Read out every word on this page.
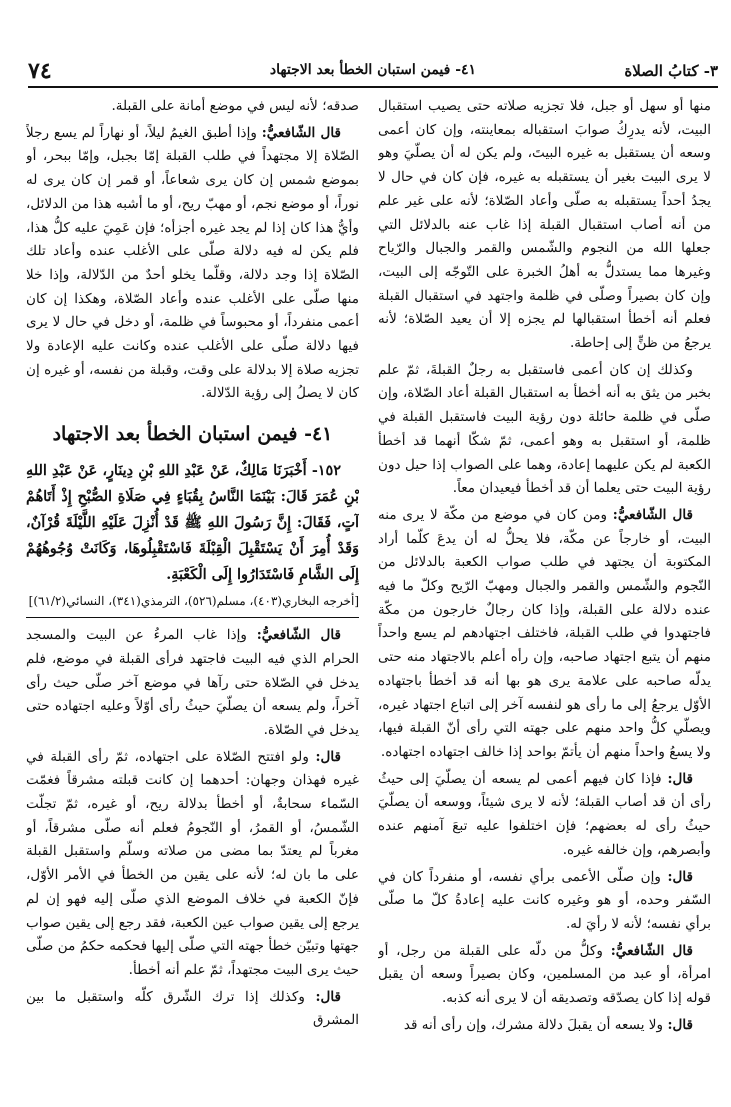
٣- كتابُ الصلاة
٤١- فيمن استبان الخطأ بعد الاجتهاد
٧٤

منها أو سهل أو جبل، فلا تجزيه صلاته حتى يصيب استقبال البيت، لأنه يدرِكُ صوابَ استقباله بمعاينته، وإن كان أعمى وسعه أن يستقبل به غيره البيتَ، ولم يكن له أن يصلّيَ وهو لا يرى البيت بغير أن يستقبله به غيره، فإن كان في حال لا يجدُ أحداً يستقبله به صلّى وأعاد الصّلاة؛ لأنه على غير علم من أنه أصاب استقبال القبلة إذا غاب عنه بالدلائل التي جعلها الله من النجوم والشّمس والقمر والجبال والرّياح وغيرها مما يستدلُّ به أهلُ الخبرة على التّوجّه إلى البيت، وإن كان بصيراً وصلّى في ظلمة واجتهد في استقبال القبلة فعلم أنه أخطأ استقبالها لم يجزه إلا أن يعيد الصّلاة؛ لأنه يرجعُ من ظنٍّ إلى إحاطة.

وكذلك إن كان أعمى فاستقبل به رجلٌ القبلةَ، ثمّ علم بخبر من يثق به أنه أخطأ به استقبال القبلة أعاد الصّلاة، وإن صلّى في ظلمة حائلة دون رؤية البيت فاستقبل القبلة في ظلمة، أو استقبل به وهو أعمى، ثمّ شكّا أنهما قد أخطأ الكعبة لم يكن عليهما إعادة، وهما على الصواب إذا حيل دون رؤية البيت حتى يعلما أن قد أخطأ فيعيدان معاً.

قال الشّافعيُّ: ومن كان في موضع من مكّة لا يرى منه البيت، أو خارجاً عن مكّة، فلا يحلُّ له أن يدعَ كلّما أراد المكتوبة أن يجتهد في طلب صواب الكعبة بالدلائل من النّجوم والشّمس والقمر والجبال ومهبّ الرّيح وكلّ ما فيه عنده دلالة على القبلة، وإذا كان رجالٌ خارجون من مكّة فاجتهدوا في طلب القبلة، فاختلف اجتهادهم لم يسع واحداً منهم أن يتبع اجتهاد صاحبه، وإن رأه أعلم بالاجتهاد منه حتى يدلّه صاحبه على علامة يرى هو بها أنه قد أخطأ باجتهاده الأوّل يرجعُ إلى ما رأى هو لنفسه آخر إلى اتباع اجتهاد غيره، ويصلّي كلُّ واحد منهم على جهته التي رأى أنّ القبلة فيها، ولا يسعُ واحداً منهم أن يأتمّ بواحد إذا خالف اجتهاده اجتهاده.

قال: فإذا كان فيهم أعمى لم يسعه أن يصلّيَ إلى حيثُ رأى أن قد أصاب القبلة؛ لأنه لا يرى شيئاً، ووسعه أن يصلّيَ حيثُ رأى له بعضهم؛ فإن اختلفوا عليه تبعَ آمنهم عنده وأبصرهم، وإن خالفه غيره.

قال: وإن صلّى الأعمى برأي نفسه، أو منفرداً كان في السّفر وحده، أو هو وغيره كانت عليه إعادةُ كلّ ما صلّى برأي نفسه؛ لأنه لا رأيَ له.

قال الشّافعيُّ: وكلُّ من دلّه على القبلة من رجل، أو امرأة، أو عبد من المسلمين، وكان بصيراً وسعه أن يقبل قوله إذا كان يصدّقه وتصديقه أن لا يرى أنه كذبه.

قال: ولا يسعه أن يقبلَ دلالة مشرك، وإن رأى أنه قد

صدقه؛ لأنه ليس في موضع أمانة على القبلة.

قال الشّافعيُّ: وإذا أطبق الغيمُ ليلاً، أو نهاراً لم يسع رجلاً الصّلاة إلا مجتهداً في طلب القبلة إمّا بجبل، وإمّا ببحر، أو بموضع شمس إن كان يرى شعاعاً، أو قمر إن كان يرى له نوراً، أو موضع نجم، أو مهبّ ريح، أو ما أشبه هذا من الدلائل، وأيُّ هذا كان إذا لم يجد غيره أجزأه؛ فإن عَمِيَ عليه كلُّ هذا، فلم يكن له فيه دلالة صلّى على الأغلب عنده وأعاد تلك الصّلاة إذا وجد دلالة، وقلّما يخلو أحدٌ من الدّلالة، وإذا خلا منها صلّى على الأغلب عنده وأعاد الصّلاة، وهكذا إن كان أعمى منفرداً، أو محبوساً في ظلمة، أو دخل في حال لا يرى فيها دلالة صلّى على الأغلب عنده وكانت عليه الإعادة ولا تجزيه صلاة إلا بدلالة على وقت، وقبلة من نفسه، أو غيره إن كان لا يصلُ إلى رؤية الدّلالة.

٤١- فيمن استبان الخطأ بعد الاجتهاد

١٥٢- أَخْبَرَنَا مَالِكٌ، عَنْ عَبْدِ اللهِ بْنِ دِينَارٍ، عَنْ عَبْدِ اللهِ بْنِ عُمَرَ قَالَ: بَيْنَمَا النَّاسُ بِقُبَاءٍ فِي صَلَاةِ الصُّبْحِ إِذْ أَتَاهُمْ آتٍ، فَقَالَ: إِنَّ رَسُولَ اللهِ ﷺ قَدْ أُنْزِلَ عَلَيْهِ اللَّيْلَةَ قُرْآنٌ، وَقَدْ أُمِرَ أَنْ يَسْتَقْبِلَ الْقِبْلَةَ فَاسْتَقْبِلُوهَا، وَكَانَتْ وُجُوهُهُمْ إِلَى الشَّامِ فَاسْتَدَارُوا إِلَى الْكَعْبَةِ.

[أخرجه البخاري(٤٠٣)، مسلم(٥٢٦)، الترمذي(٣٤١)، النسائي(٦١/٢)]

قال الشّافعيُّ: وإذا غاب المرءُ عن البيت والمسجد الحرام الذي فيه البيت فاجتهد فرأى القبلة في موضع، فلم يدخل في الصّلاة حتى رآها في موضع آخر صلّى حيث رأى آخراً، ولم يسعه أن يصلّيَ حيثُ رأى أوّلاً وعليه اجتهاده حتى يدخل في الصّلاة.

قال: ولو افتتح الصّلاة على اجتهاده، ثمّ رأى القبلة في غيره فهذان وجهان: أحدهما إن كانت قبلته مشرقاً فغمّت السّماء سحابةٌ، أو أخطأ بدلالة ريح، أو غيره، ثمّ تجلّت الشّمسُ، أو القمرُ، أو النّجومُ فعلم أنه صلّى مشرقاً، أو مغرباً لم يعتدّ بما مضى من صلاته وسلّم واستقبل القبلة على ما بان له؛ لأنه على يقين من الخطأ في الأمر الأوّل، فإنّ الكعبة في خلاف الموضع الذي صلّى إليه فهو إن لم يرجع إلى يقين صواب عين الكعبة، فقد رجع إلى يقين صواب جهتها وتبيّن خطأ جهته التي صلّى إليها فحكمه حكمُ من صلّى حيث يرى البيت مجتهداً، ثمّ علم أنه أخطأ.

قال: وكذلك إذا ترك الشّرق كلّه واستقبل ما بين المشرق
